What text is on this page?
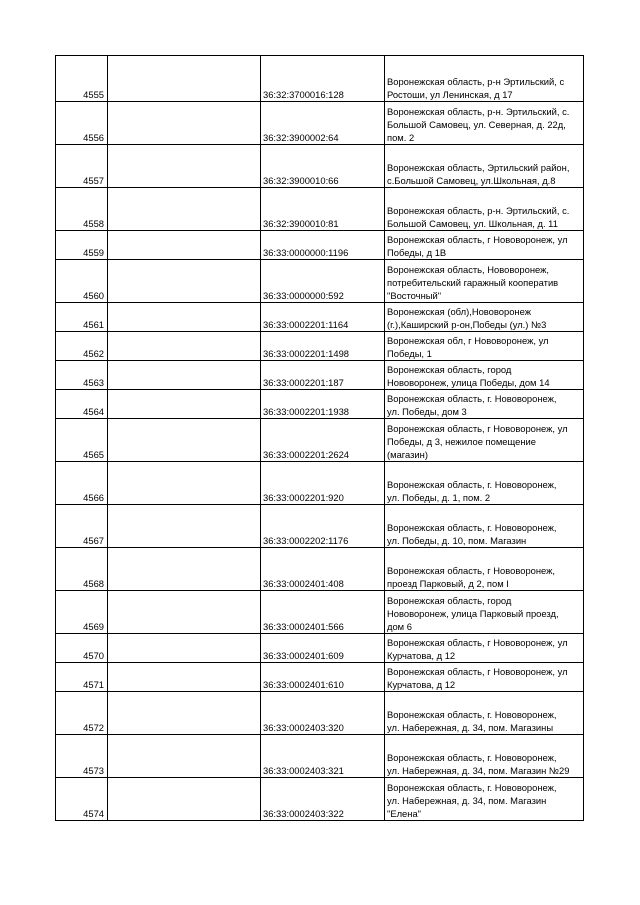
4555		36:32:3700016:128	Воронежская область, р-н Эртильский, с
Ростоши, ул Ленинская, д 17
4556		36:32:3900002:64	Воронежская область, р-н. Эртильский, с.
Большой Самовец, ул. Северная, д. 22д,
пом. 2
4557		36:32:3900010:66	Воронежская область, Эртильский район,
с.Большой Самовец, ул.Школьная, д.8
4558		36:32:3900010:81	Воронежская область, р-н. Эртильский, с.
Большой Самовец, ул. Школьная, д. 11
4559		36:33:0000000:1196	Воронежская область, г Нововоронеж, ул
Победы, д 1В
4560		36:33:0000000:592	Воронежская область, Нововоронеж,
потребительский гаражный кооператив
"Восточный"
4561		36:33:0002201:1164	Воронежская (обл),Нововоронеж
(г.),Каширский р-он,Победы (ул.) №3
4562		36:33:0002201:1498	Воронежская обл, г Нововоронеж, ул
Победы, 1
4563		36:33:0002201:187	Воронежская область, город
Нововоронеж, улица Победы, дом 14
4564		36:33:0002201:1938	Воронежская область, г. Нововоронеж,
ул. Победы, дом 3
4565		36:33:0002201:2624	Воронежская область, г Нововоронеж, ул
Победы, д 3, нежилое помещение
(магазин)
4566		36:33:0002201:920	Воронежская область, г. Нововоронеж,
ул. Победы, д. 1, пом. 2
4567		36:33:0002202:1176	Воронежская область, г. Нововоронеж,
ул. Победы, д. 10, пом. Магазин
4568		36:33:0002401:408	Воронежская область, г Нововоронеж,
проезд Парковый, д 2, пом I
4569		36:33:0002401:566	Воронежская область, город
Нововоронеж, улица Парковый проезд,
дом 6
4570		36:33:0002401:609	Воронежская область, г Нововоронеж, ул
Курчатова, д 12
4571		36:33:0002401:610	Воронежская область, г Нововоронеж, ул
Курчатова, д 12
4572		36:33:0002403:320	Воронежская область, г. Нововоронеж,
ул. Набережная, д. 34, пом. Магазины
4573		36:33:0002403:321	Воронежская область, г. Нововоронеж,
ул. Набережная, д. 34, пом. Магазин №29
4574		36:33:0002403:322	Воронежская область, г. Нововоронеж,
ул. Набережная, д. 34, пом. Магазин
"Елена"
